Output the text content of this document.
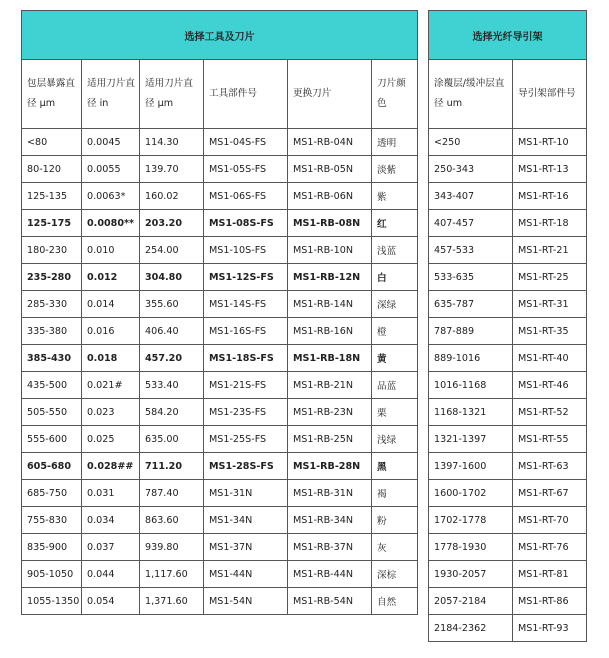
选择工具及刀片					
包层暴露直径 µm	适用刀片直径 in	适用刀片直径 µm	工具部件号	更换刀片	刀片颜色
<80	0.0045	114.30	MS1-04S-FS	MS1-RB-04N	透明
80-120	0.0055	139.70	MS1-05S-FS	MS1-RB-05N	淡紫
125-135	0.0063*	160.02	MS1-06S-FS	MS1-RB-06N	紫
125-175	0.0080**	203.20	MS1-08S-FS	MS1-RB-08N	红
180-230	0.010	254.00	MS1-10S-FS	MS1-RB-10N	浅蓝
235-280	0.012	304.80	MS1-12S-FS	MS1-RB-12N	白
285-330	0.014	355.60	MS1-14S-FS	MS1-RB-14N	深绿
335-380	0.016	406.40	MS1-16S-FS	MS1-RB-16N	橙
385-430	0.018	457.20	MS1-18S-FS	MS1-RB-18N	黄
435-500	0.021#	533.40	MS1-21S-FS	MS1-RB-21N	品蓝
505-550	0.023	584.20	MS1-23S-FS	MS1-RB-23N	栗
555-600	0.025	635.00	MS1-25S-FS	MS1-RB-25N	浅绿
605-680	0.028##	711.20	MS1-28S-FS	MS1-RB-28N	黑
685-750	0.031	787.40	MS1-31N	MS1-RB-31N	褐
755-830	0.034	863.60	MS1-34N	MS1-RB-34N	粉
835-900	0.037	939.80	MS1-37N	MS1-RB-37N	灰
905-1050	0.044	1,117.60	MS1-44N	MS1-RB-44N	深棕
1055-1350	0.054	1,371.60	MS1-54N	MS1-RB-54N	自然
选择光纤导引架	
涂覆层/缓冲层直径 um	导引架部件号
<250	MS1-RT-10
250-343	MS1-RT-13
343-407	MS1-RT-16
407-457	MS1-RT-18
457-533	MS1-RT-21
533-635	MS1-RT-25
635-787	MS1-RT-31
787-889	MS1-RT-35
889-1016	MS1-RT-40
1016-1168	MS1-RT-46
1168-1321	MS1-RT-52
1321-1397	MS1-RT-55
1397-1600	MS1-RT-63
1600-1702	MS1-RT-67
1702-1778	MS1-RT-70
1778-1930	MS1-RT-76
1930-2057	MS1-RT-81
2057-2184	MS1-RT-86
2184-2362	MS1-RT-93
